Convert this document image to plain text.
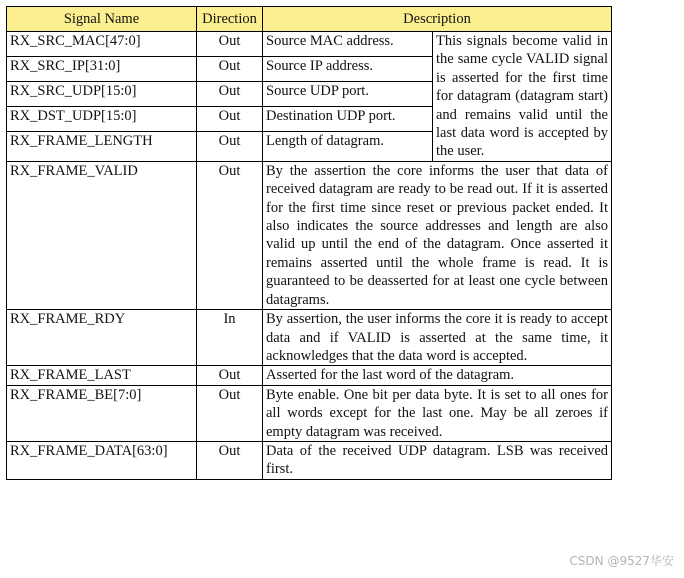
Signal Name	Direction	Description	
RX_SRC_MAC[47:0]	Out	Source MAC address.	This signals become valid in the same cycle VALID signal is asserted for the first time for datagram (datagram start) and remains valid until the last data word is accepted by the user.
RX_SRC_IP[31:0]	Out	Source IP address.	
RX_SRC_UDP[15:0]	Out	Source UDP port.	
RX_DST_UDP[15:0]	Out	Destination UDP port.	
RX_FRAME_LENGTH	Out	Length of datagram.	
RX_FRAME_VALID	Out	By the assertion the core informs the user that data of received datagram are ready to be read out. If it is asserted for the first time since reset or previous packet ended. It also indicates the source addresses and length are also valid up until the end of the datagram. Once asserted it remains asserted until the whole frame is read. It is guaranteed to be deasserted for at least one cycle between datagrams.	
RX_FRAME_RDY	In	By assertion, the user informs the core it is ready to accept data and if VALID is asserted at the same time, it acknowledges that the data word is accepted.	
RX_FRAME_LAST	Out	Asserted for the last word of the datagram.	
RX_FRAME_BE[7:0]	Out	Byte enable. One bit per data byte. It is set to all ones for all words except for the last one. May be all zeroes if empty datagram was received.	
RX_FRAME_DATA[63:0]	Out	Data of the received UDP datagram. LSB was received first.	
CSDN @9527华安
